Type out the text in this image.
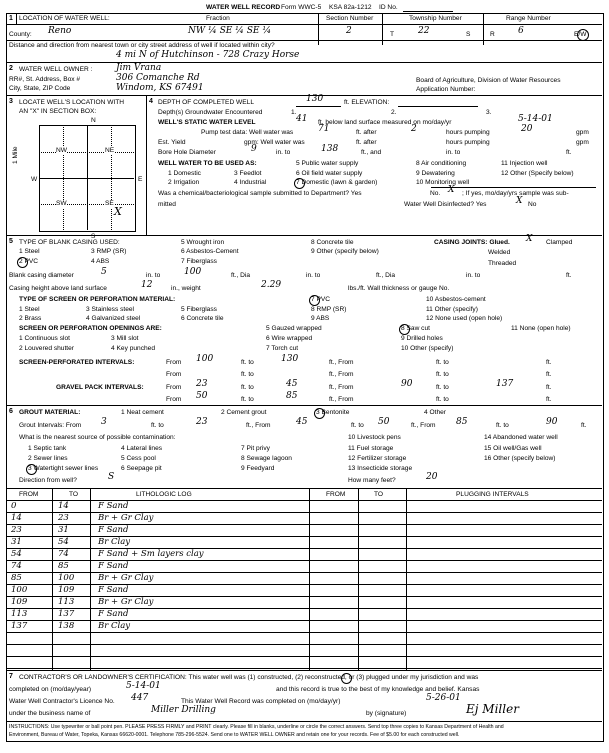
WATER WELL RECORD Form WWC-5 KSA 82a-1212 ID No.
1 LOCATION OF WATER WELL:	Fraction	Section Number	Township Number	Range Number
County: Reno	NW ¼ SE ¼ SE ¼	2	T	22	S	R	6	E/W
Distance and direction from nearest town or city street address of well if located within city?
4 mi N of Hutchinson - 728 Crazy Horse
2 WATER WELL OWNER :	Jim Vrana
RR#, St. Address, Box #	306 Comanche Rd
City, State, ZIP Code	Windom, KS 67491
Board of Agriculture, Division of Water Resources
Application Number:
3 LOCATE WELL'S LOCATION WITH
AN "X" IN SECTION BOX:
N
S
W	E
1 Mile	NW	NE
SW	SE
X
4 DEPTH OF COMPLETED WELL	130	ft. ELEVATION:
Depth(s) Groundwater Encountered	1.	2.	3.
WELL'S STATIC WATER LEVEL	41 ft. below land surface measured on mo/day/yr	5-14-01
Pump test data: Well water was	71	ft. after	2	hours pumping	20	gpm
Est. Yield	gpm: Well water was	ft. after	hours pumping	gpm
Bore Hole Diameter	9	in. to	138	ft., and	in. to	ft.
WELL WATER TO BE USED AS:
1 Domestic
2 Irrigation
3 Feedlot
4 Industrial
5 Public water supply
6 Oil field water supply
7 Domestic (lawn & garden)
8 Air conditioning
9 Dewatering
10 Monitoring well
11 Injection well
12 Other (Specify below)
Was a chemical/bacteriological sample submitted to Department? Yes	No. X ; If yes, mo/day/yrs sample was sub-
mitted	Water Well Disinfected? Yes	X No
5 TYPE OF BLANK CASING USED:
1 Steel
2 PVC
3 RMP (SR)
4 ABS
5 Wrought iron
6 Asbestos-Cement
7 Fiberglass
8 Concrete tile
9 Other (specify below)
CASING JOINTS: Glued. X Clamped
Welded
Threaded
Blank casing diameter	5	in. to	100	ft., Dia	in. to	ft., Dia	in. to	ft.
Casing height above land surface	12	in., weight	2.29	lbs./ft. Wall thickness or gauge No.
TYPE OF SCREEN OR PERFORATION MATERIAL:
1 Steel
2 Brass
3 Stainless steel
4 Galvanized steel
5 Fiberglass
6 Concrete tile
7 PVC
8 RMP (SR)
9 ABS
10 Asbestos-cement
11 Other (specify)
12 None used (open hole)
SCREEN OR PERFORATION OPENINGS ARE:
1 Continuous slot
2 Louvered shutter
3 Mill slot
4 Key punched
5 Gauzed wrapped
6 Wire wrapped
7 Torch cut
8 Saw cut
9 Drilled holes
10 Other (specify)
11 None (open hole)
SCREEN-PERFORATED INTERVALS:	From 100	ft. to	130	ft., From	ft. to	ft.
From	ft. to	ft., From	ft. to	ft.
GRAVEL PACK INTERVALS:	From 23	ft. to	45	ft., From	90	ft. to	137	ft.
From 50	ft. to	85	ft., From	ft. to	ft.
6 GROUT MATERIAL:	1 Neat cement	2 Cement grout	3 Bentonite	4 Other
Grout Intervals: From 3	ft. to	23	ft., From	45	ft. to 50	ft., From 85	ft. to	90	ft.
What is the nearest source of possible contamination:
1 Septic tank
2 Sewer lines
3 Watertight sewer lines
4 Lateral lines
5 Cess pool
6 Seepage pit
7 Pit privy
8 Sewage lagoon
9 Feedyard
10 Livestock pens
11 Fuel storage
12 Fertilizer storage
13 Insecticide storage
14 Abandoned water well
15 Oil well/Gas well
16 Other (specify below)
Direction from well?	S	How many feet?	20
FROM	TO	LITHOLOGIC LOG	FROM	TO	PLUGGING INTERVALS
0	14	F Sand
14	23	Br + Gr Clay
23	31	F Sand
31	54	Br Clay
54	74	F Sand + Sm layers clay
74	85	F Sand
85	100	Br + Gr Clay
100	109	F Sand
109	113	Br + Gr Clay
113	137	F Sand
137	138	Br Clay
7 CONTRACTOR'S OR LANDOWNER'S CERTIFICATION: This water well was (1) constructed, (2) reconstructed, or (3) plugged under my jurisdiction and was
completed on (mo/day/year)	5-14-01	and this record is true to the best of my knowledge and belief. Kansas
Water Well Contractor's Licence No. 447	This Water Well Record was completed on (mo/day/yr)	5-26-01
under the business name of	Miller Drilling	by (signature)	Ej Miller
INSTRUCTIONS: Use typewriter or ball point pen. PLEASE PRESS FIRMLY and PRINT clearly. Please fill in blanks, underline or circle the correct answers. Send top three copies to Kansas Department of Health and
Environment, Bureau of Water, Topeka, Kansas 66620-0001. Telephone 785-296-5524. Send one to WATER WELL OWNER and retain one for your records. Fee of $5.00 for each constructed well.
